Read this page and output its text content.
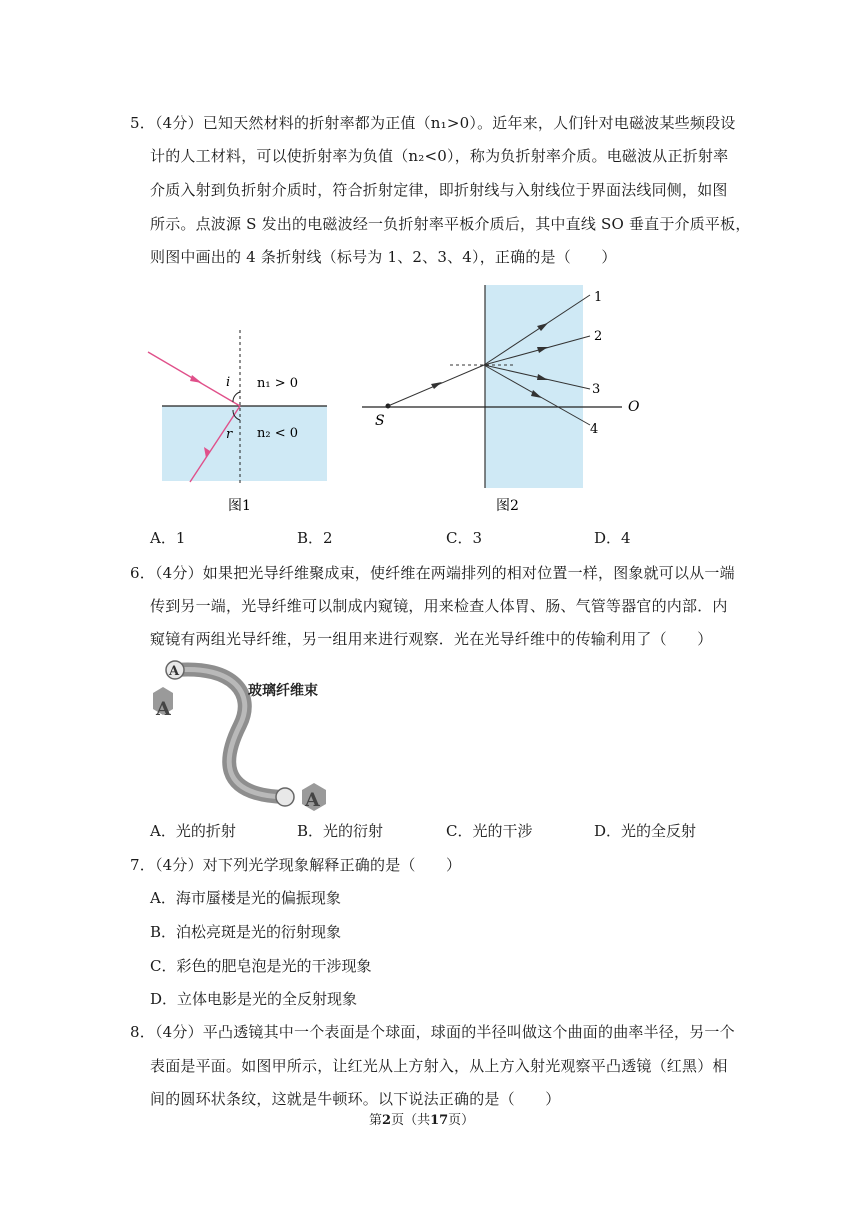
5．（4分）已知天然材料的折射率都为正值（n₁>0）。近年来，人们针对电磁波某些频段设
计的人工材料，可以使折射率为负值（n₂<0），称为负折射率介质。电磁波从正折射率
介质入射到负折射介质时，符合折射定律，即折射线与入射线位于界面法线同侧，如图
所示。点波源 S 发出的电磁波经一负折射率平板介质后，其中直线 SO 垂直于介质平板，
则图中画出的 4 条折射线（标号为 1、2、3、4），正确的是（　　）
i
r
n₁ > 0
n₂ < 0
图1
S
O
1
2
3
4
图2
A．1	B．2	C．3	D．4
6．（4分）如果把光导纤维聚成束，使纤维在两端排列的相对位置一样，图象就可以从一端
传到另一端，光导纤维可以制成内窥镜，用来检查人体胃、肠、气管等器官的内部．内
窥镜有两组光导纤维，另一组用来进行观察．光在光导纤维中的传输利用了（　　）
A
A
A
玻璃纤维束
A．光的折射	B．光的衍射	C．光的干涉	D．光的全反射
7．（4分）对下列光学现象解释正确的是（　　）
A．海市蜃楼是光的偏振现象
B．泊松亮斑是光的衍射现象
C．彩色的肥皂泡是光的干涉现象
D．立体电影是光的全反射现象
8．（4分）平凸透镜其中一个表面是个球面，球面的半径叫做这个曲面的曲率半径，另一个
表面是平面。如图甲所示，让红光从上方射入，从上方入射光观察平凸透镜（红黑）相
间的圆环状条纹，这就是牛顿环。以下说法正确的是（　　）
第2页（共17页）
